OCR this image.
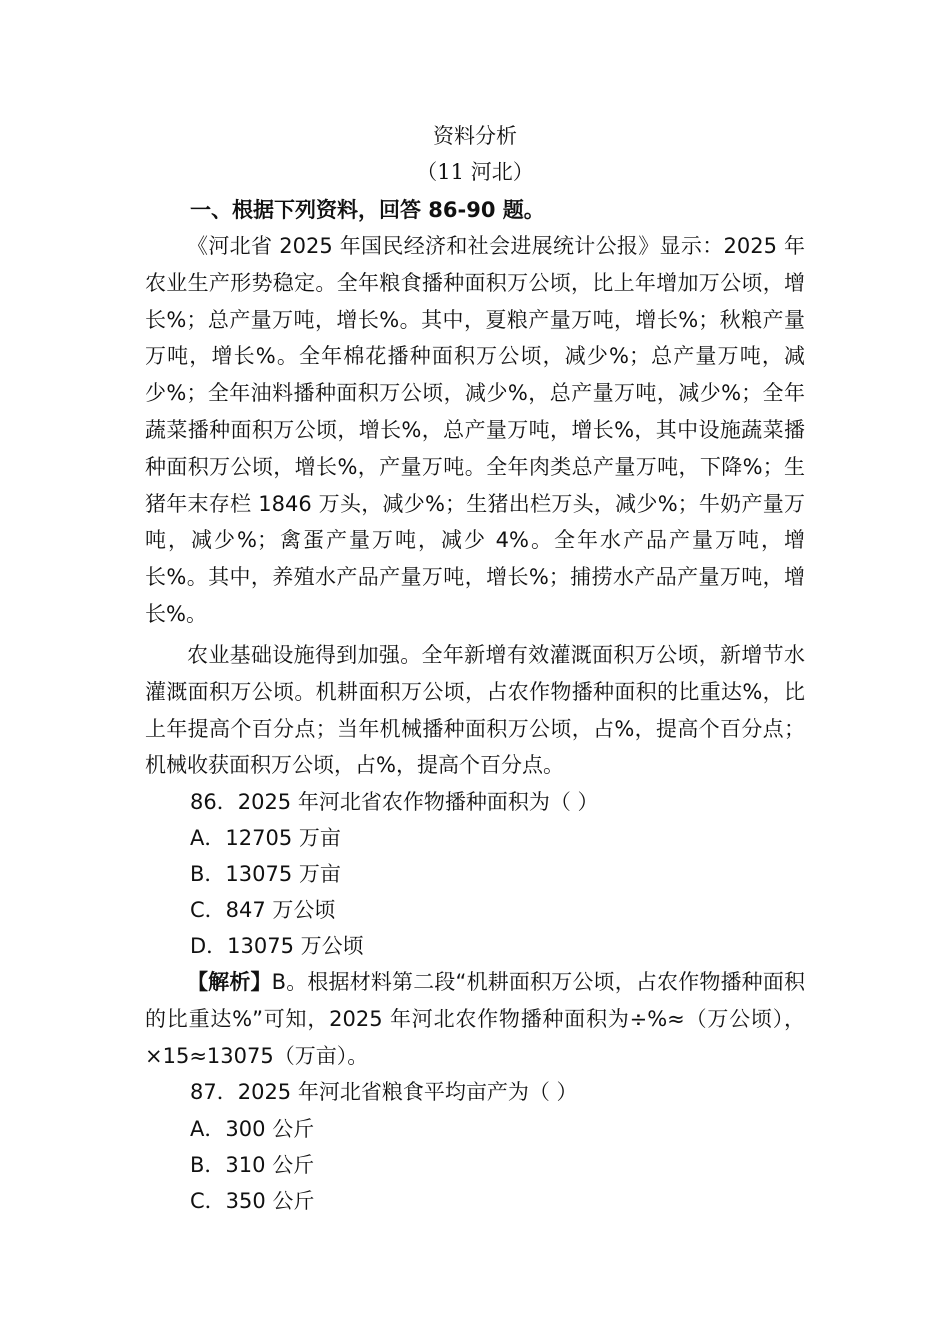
资料分析
（11 河北）
一、根据下列资料，回答 86-90 题。

《河北省 2025 年国民经济和社会进展统计公报》显示：2025 年农业生产形势稳定。全年粮食播种面积万公顷，比上年增加万公顷，增长%；总产量万吨，增长%。其中，夏粮产量万吨，增长%；秋粮产量万吨，增长%。全年棉花播种面积万公顷，减少%；总产量万吨，减少%；全年油料播种面积万公顷，减少%，总产量万吨，减少%；全年蔬菜播种面积万公顷，增长%，总产量万吨，增长%，其中设施蔬菜播种面积万公顷，增长%，产量万吨。全年肉类总产量万吨，下降%；生猪年末存栏 1846 万头，减少%；生猪出栏万头，减少%；牛奶产量万吨，减少%；禽蛋产量万吨，减少 4%。全年水产品产量万吨，增长%。其中，养殖水产品产量万吨，增长%；捕捞水产品产量万吨，增长%。

农业基础设施得到加强。全年新增有效灌溉面积万公顷，新增节水灌溉面积万公顷。机耕面积万公顷，占农作物播种面积的比重达%，比上年提高个百分点；当年机械播种面积万公顷，占%，提高个百分点；机械收获面积万公顷，占%，提高个百分点。

86．2025 年河北省农作物播种面积为（ ）
A．12705 万亩
B．13075 万亩
C．847 万公顷
D．13075 万公顷

【解析】B。根据材料第二段“机耕面积万公顷，占农作物播种面积的比重达%”可知，2025 年河北农作物播种面积为÷%≈（万公顷），×15≈13075（万亩）。

87．2025 年河北省粮食平均亩产为（ ）
A．300 公斤
B．310 公斤
C．350 公斤
